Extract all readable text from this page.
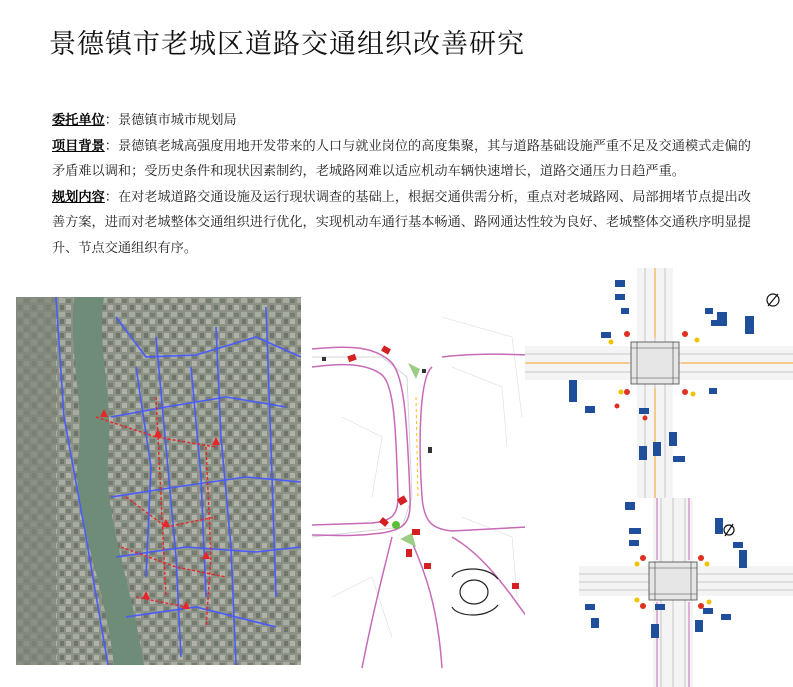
景德镇市老城区道路交通组织改善研究

委托单位：景德镇市城市规划局

项目背景：景德镇老城高强度用地开发带来的人口与就业岗位的高度集聚，其与道路基础设施严重不足及交通模式走偏的矛盾难以调和；受历史条件和现状因素制约，老城路网难以适应机动车辆快速增长，道路交通压力日趋严重。

规划内容：在对老城道路交通设施及运行现状调查的基础上，根据交通供需分析，重点对老城路网、局部拥堵节点提出改善方案，进而对老城整体交通组织进行优化，实现机动车通行基本畅通、路网通达性较为良好、老城整体交通秩序明显提升、节点交通组织有序。
